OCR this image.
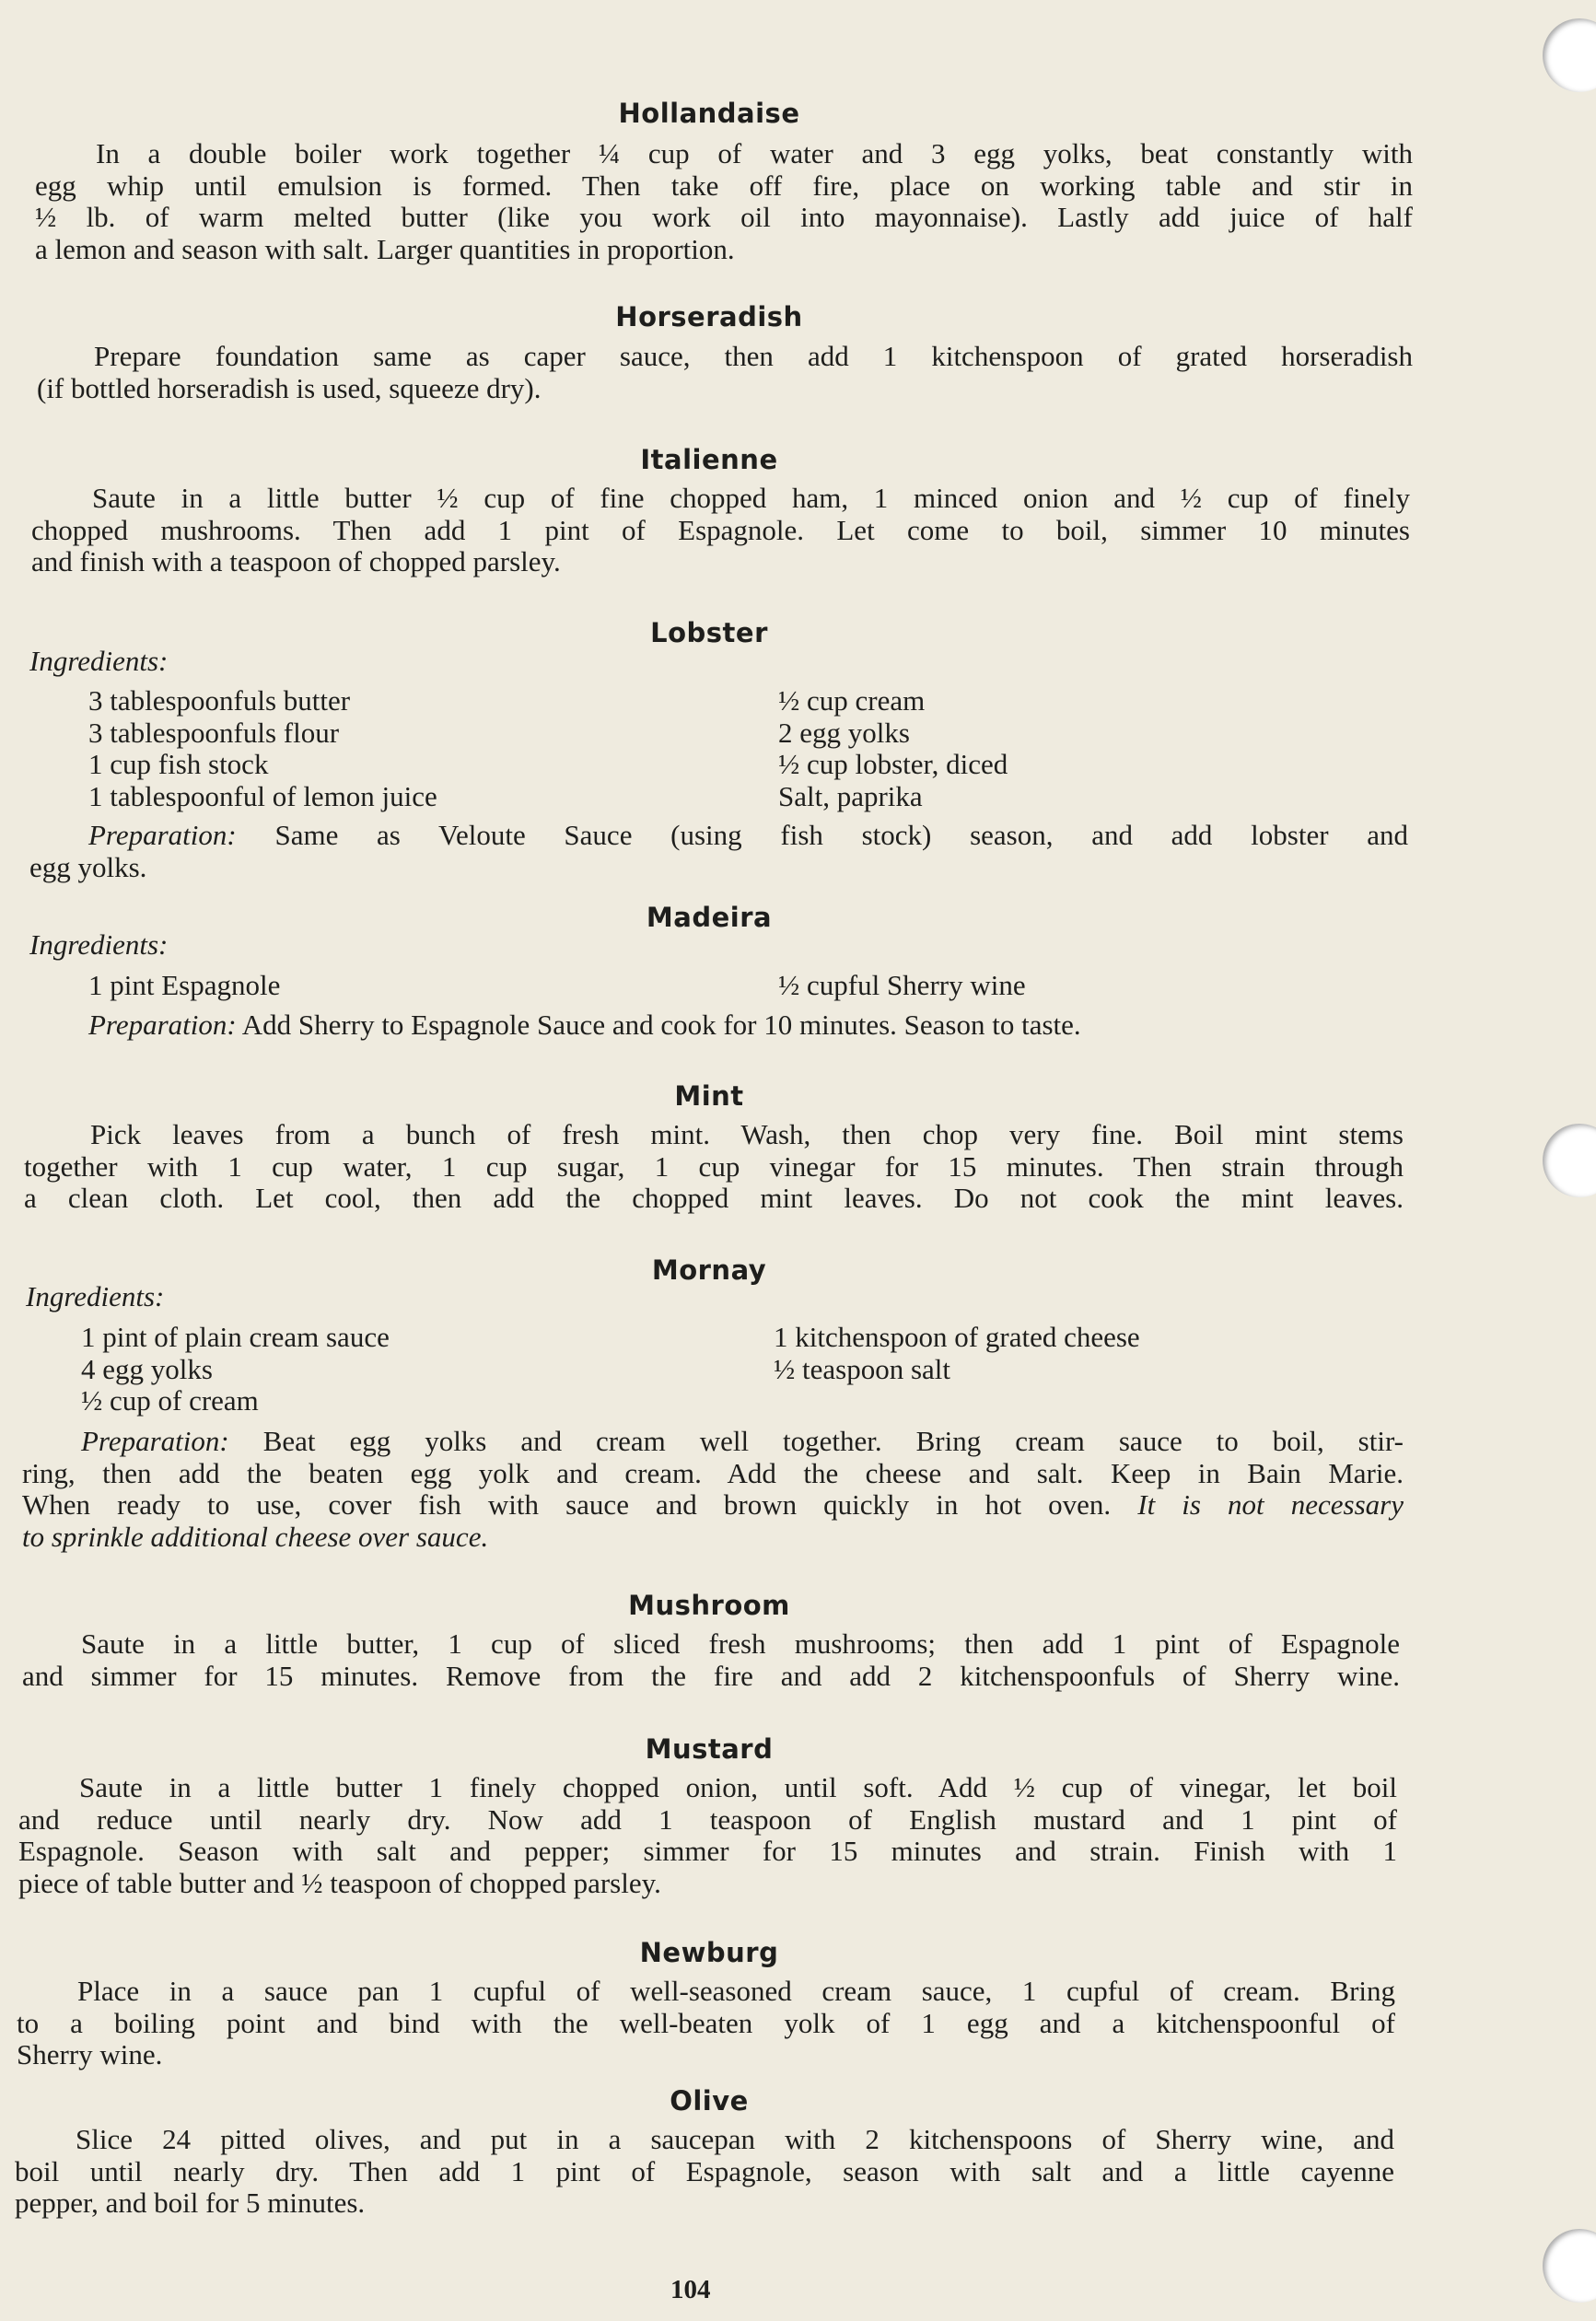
Hollandaise
In a double boiler work together ¼ cup of water and 3 egg yolks, beat constantly with
egg whip until emulsion is formed. Then take off fire, place on working table and stir in
½ lb. of warm melted butter (like you work oil into mayonnaise). Lastly add juice of half
a lemon and season with salt. Larger quantities in proportion.
Horseradish
Prepare foundation same as caper sauce, then add 1 kitchenspoon of grated horseradish
(if bottled horseradish is used, squeeze dry).
Italienne
Saute in a little butter ½ cup of fine chopped ham, 1 minced onion and ½ cup of finely
chopped mushrooms. Then add 1 pint of Espagnole. Let come to boil, simmer 10 minutes
and finish with a teaspoon of chopped parsley.
Lobster
Ingredients:
3 tablespoonfuls butter
3 tablespoonfuls flour
1 cup fish stock
1 tablespoonful of lemon juice
½ cup cream
2 egg yolks
½ cup lobster, diced
Salt, paprika
Preparation: Same as Veloute Sauce (using fish stock) season, and add lobster and
egg yolks.
Madeira
Ingredients:
1 pint Espagnole	½ cupful Sherry wine
Preparation: Add Sherry to Espagnole Sauce and cook for 10 minutes. Season to taste.
Mint
Pick leaves from a bunch of fresh mint. Wash, then chop very fine. Boil mint stems
together with 1 cup water, 1 cup sugar, 1 cup vinegar for 15 minutes. Then strain through
a clean cloth. Let cool, then add the chopped mint leaves. Do not cook the mint leaves.
Mornay
Ingredients:
1 pint of plain cream sauce
4 egg yolks
½ cup of cream
1 kitchenspoon of grated cheese
½ teaspoon salt
Preparation: Beat egg yolks and cream well together. Bring cream sauce to boil, stir-
ring, then add the beaten egg yolk and cream. Add the cheese and salt. Keep in Bain Marie.
When ready to use, cover fish with sauce and brown quickly in hot oven. It is not necessary
to sprinkle additional cheese over sauce.
Mushroom
Saute in a little butter, 1 cup of sliced fresh mushrooms; then add 1 pint of Espagnole
and simmer for 15 minutes. Remove from the fire and add 2 kitchenspoonfuls of Sherry wine.
Mustard
Saute in a little butter 1 finely chopped onion, until soft. Add ½ cup of vinegar, let boil
and reduce until nearly dry. Now add 1 teaspoon of English mustard and 1 pint of
Espagnole. Season with salt and pepper; simmer for 15 minutes and strain. Finish with 1
piece of table butter and ½ teaspoon of chopped parsley.
Newburg
Place in a sauce pan 1 cupful of well-seasoned cream sauce, 1 cupful of cream. Bring
to a boiling point and bind with the well-beaten yolk of 1 egg and a kitchenspoonful of
Sherry wine.
Olive
Slice 24 pitted olives, and put in a saucepan with 2 kitchenspoons of Sherry wine, and
boil until nearly dry. Then add 1 pint of Espagnole, season with salt and a little cayenne
pepper, and boil for 5 minutes.
104
